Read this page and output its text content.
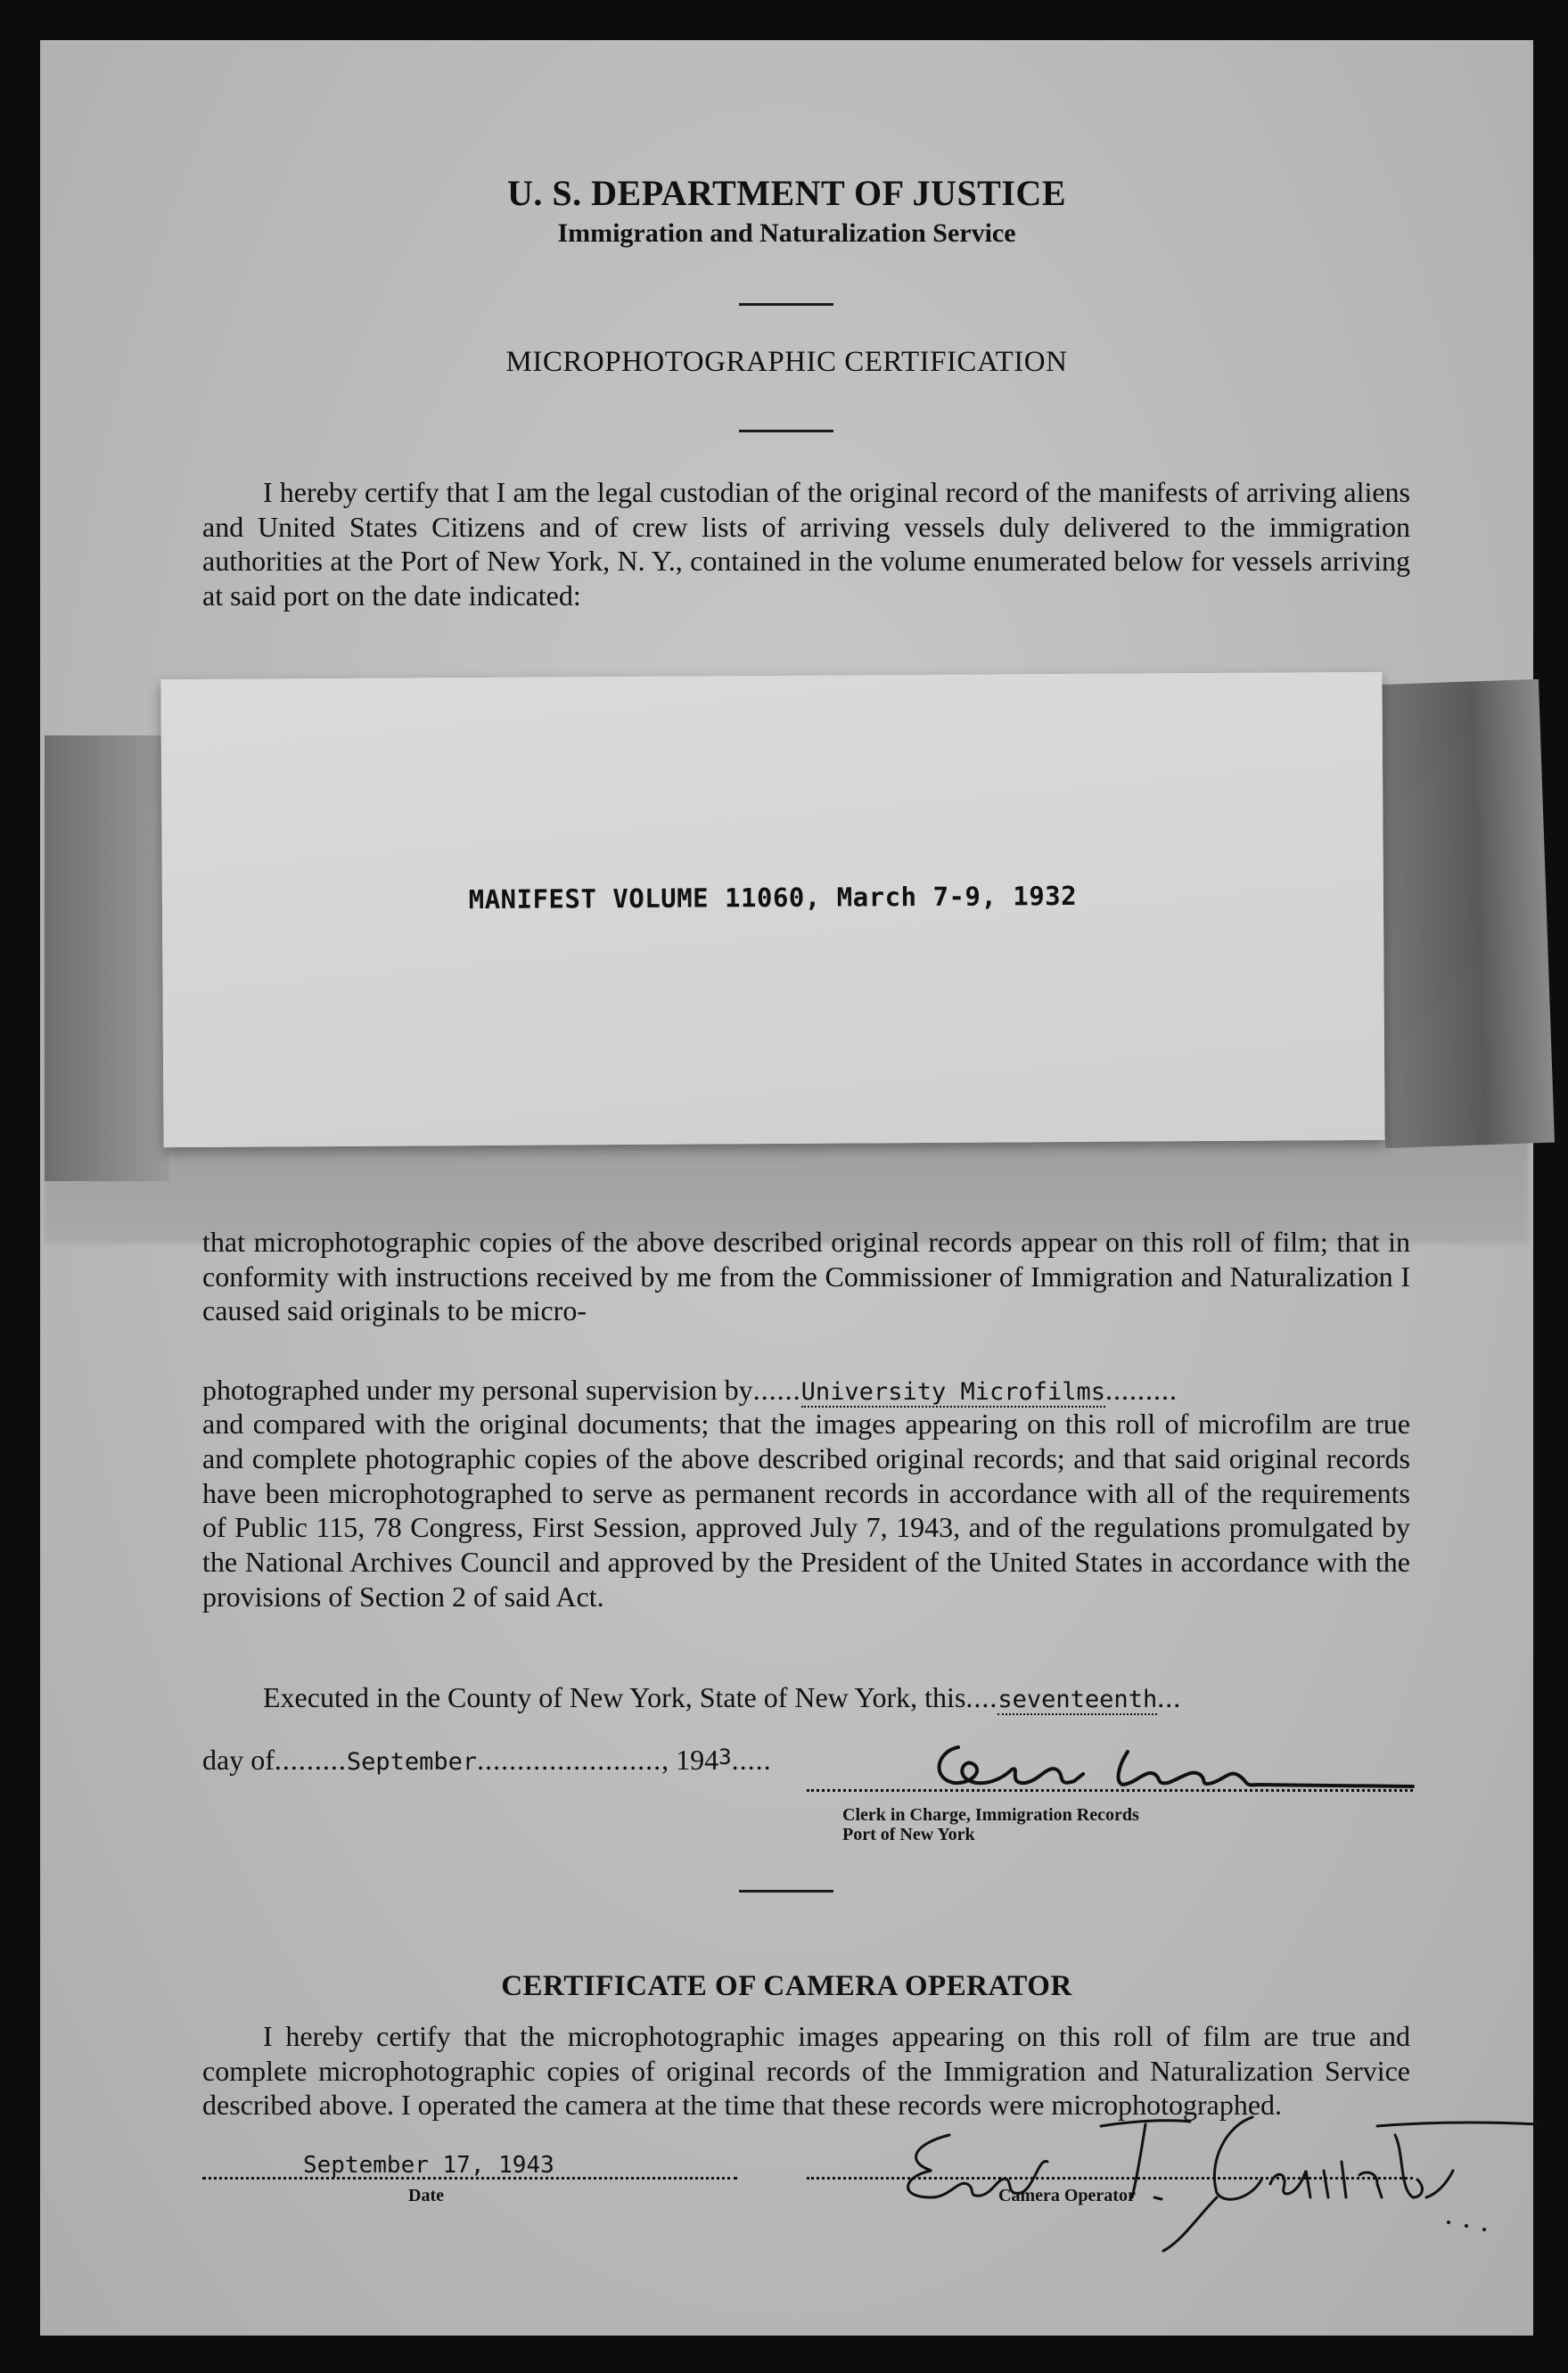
U. S. DEPARTMENT OF JUSTICE
Immigration and Naturalization Service
MICROPHOTOGRAPHIC CERTIFICATION
I hereby certify that I am the legal custodian of the original record of the manifests of arriving aliens and United States Citizens and of crew lists of arriving vessels duly delivered to the immigration authorities at the Port of New York, N. Y., contained in the volume enumerated below for vessels arriving at said port on the date indicated:
MANIFEST VOLUME 11060, March 7-9, 1932
that microphotographic copies of the above described original records appear on this roll of film; that in conformity with instructions received by me from the Commissioner of Immigration and Naturalization I caused said originals to be micro-
photographed under my personal supervision by......University Microfilms.........
and compared with the original documents; that the images appearing on this roll of microfilm are true and complete photographic copies of the above described original records; and that said original records have been microphotographed to serve as permanent records in accordance with all of the requirements of Public 115, 78 Congress, First Session, approved July 7, 1943, and of the regulations promulgated by the National Archives Council and approved by the President of the United States in accordance with the provisions of Section 2 of said Act.
Executed in the County of New York, State of New York, this....seventeenth...
day of.........September......................., 1943.....
Clerk in Charge, Immigration Records
Port of New York
CERTIFICATE OF CAMERA OPERATOR
I hereby certify that the microphotographic images appearing on this roll of film are true and complete microphotographic copies of original records of the Immigration and Naturalization Service described above. I operated the camera at the time that these records were microphotographed.
September 17, 1943
Date	Camera Operator
